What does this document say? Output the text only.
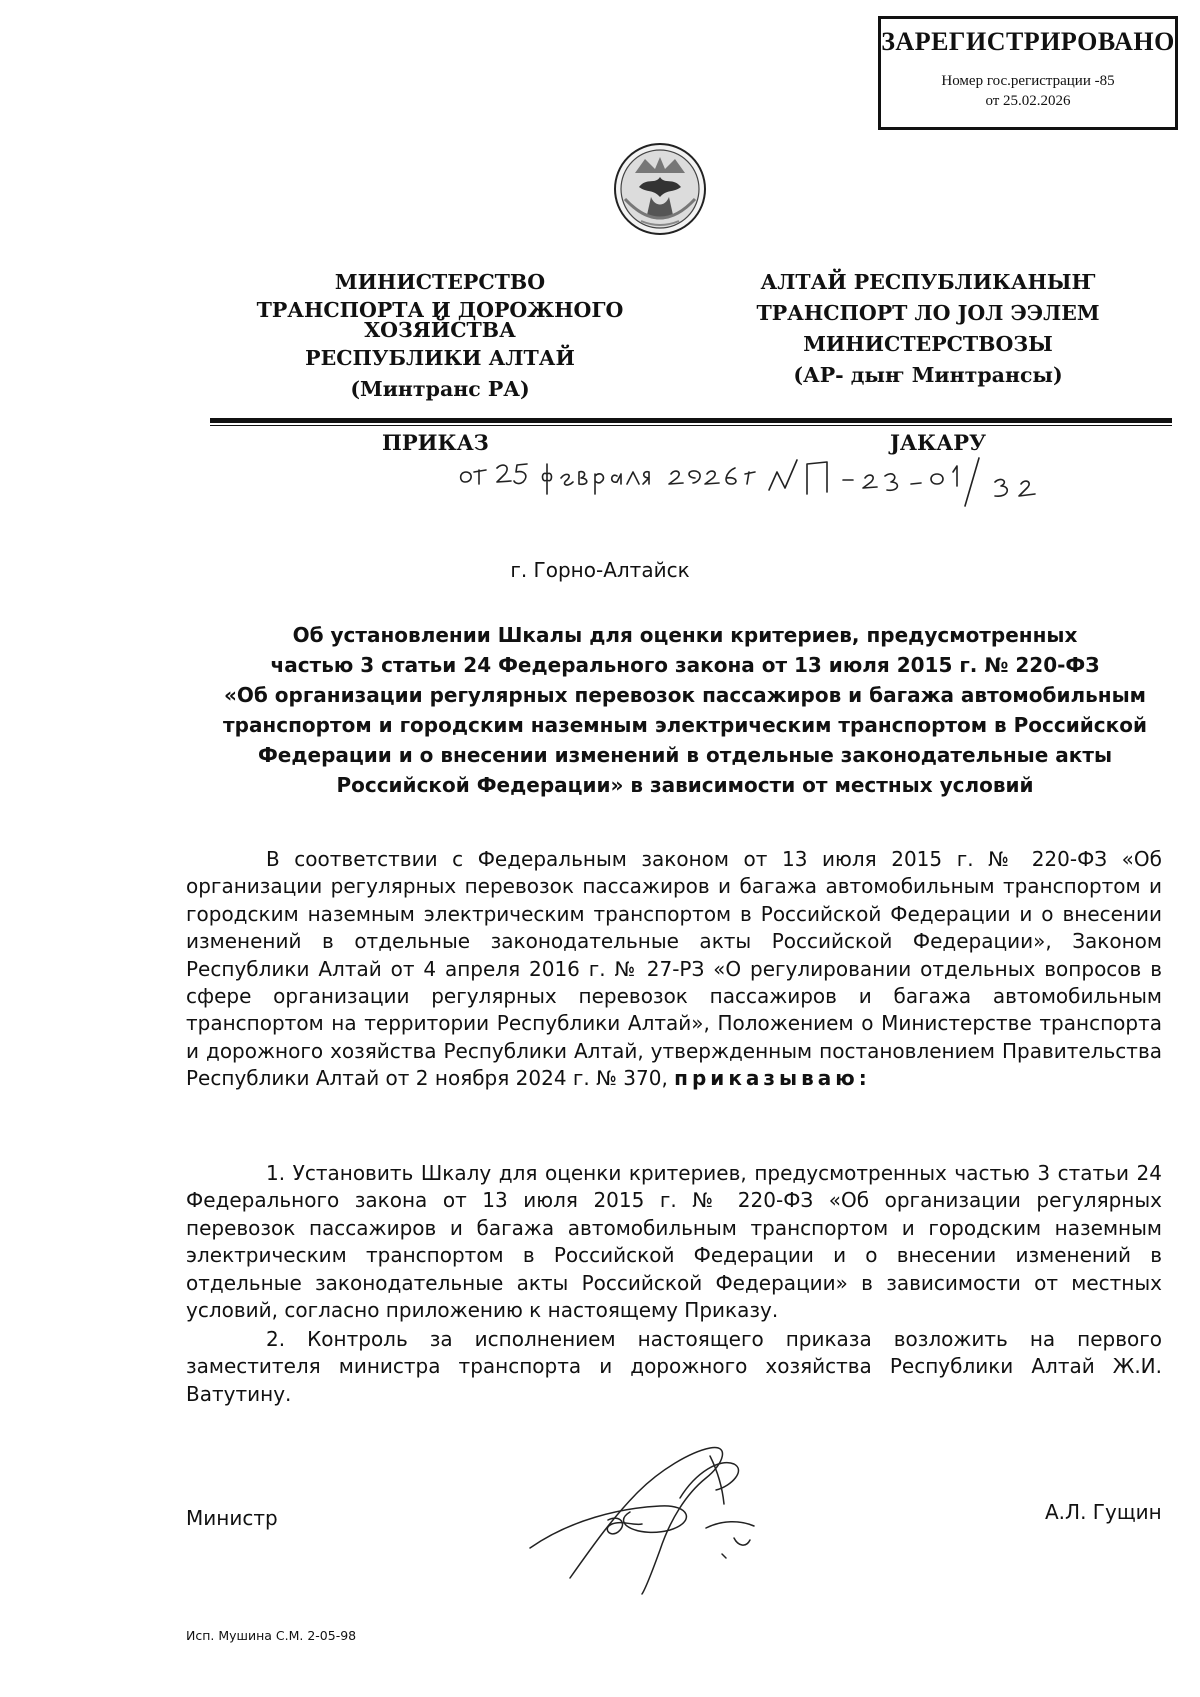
ЗАРЕГИСТРИРОВАНО
Номер гос.регистрации -85
от 25.02.2026
МИНИСТЕРСТВО
ТРАНСПОРТА И ДОРОЖНОГО
ХОЗЯЙСТВА
РЕСПУБЛИКИ АЛТАЙ
(Минтранс РА)
АЛТАЙ РЕСПУБЛИКАНЫҤ
ТРАНСПОРТ ЛО JОЛ ЭЭЛЕМ
МИНИСТЕРСТВОЗЫ
(АР- дыҥ Минтрансы)
ПРИКАЗ	JАКАРУ
г. Горно-Алтайск
Об установлении Шкалы для оценки критериев, предусмотренных
частью 3 статьи 24 Федерального закона от 13 июля 2015 г. № 220-ФЗ
«Об организации регулярных перевозок пассажиров и багажа автомобильным
транспортом и городским наземным электрическим транспортом в Российской
Федерации и о внесении изменений в отдельные законодательные акты
Российской Федерации» в зависимости от местных условий

В соответствии с Федеральным законом от 13 июля 2015 г. № 220-ФЗ «Об организации регулярных перевозок пассажиров и багажа автомобильным транспортом и городским наземным электрическим транспортом в Российской Федерации и о внесении изменений в отдельные законодательные акты Российской Федерации», Законом Республики Алтай от 4 апреля 2016 г. № 27-РЗ «О регулировании отдельных вопросов в сфере организации регулярных перевозок пассажиров и багажа автомобильным транспортом на территории Республики Алтай», Положением о Министерстве транспорта и дорожного хозяйства Республики Алтай, утвержденным постановлением Правительства Республики Алтай от 2 ноября 2024 г. № 370, приказываю:

1. Установить Шкалу для оценки критериев, предусмотренных частью 3 статьи 24 Федерального закона от 13 июля 2015 г. № 220-ФЗ «Об организации регулярных перевозок пассажиров и багажа автомобильным транспортом и городским наземным электрическим транспортом в Российской Федерации и о внесении изменений в отдельные законодательные акты Российской Федерации» в зависимости от местных условий, согласно приложению к настоящему Приказу.

2. Контроль за исполнением настоящего приказа возложить на первого заместителя министра транспорта и дорожного хозяйства Республики Алтай Ж.И. Ватутину.

Министр	А.Л. Гущин
Исп. Мушина С.М. 2-05-98
